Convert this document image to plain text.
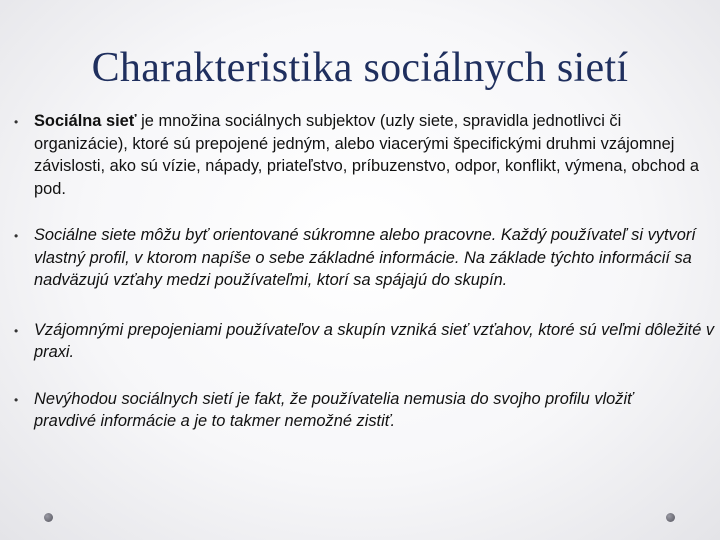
Charakteristika sociálnych sietí
• Sociálna sieť je množina sociálnych subjektov (uzly siete, spravidla jednotlivci či organizácie), ktoré sú prepojené jedným, alebo viacerými špecifickými druhmi vzájomnej závislosti, ako sú vízie, nápady, priateľstvo, príbuzenstvo, odpor, konflikt, výmena, obchod a pod.
• Sociálne siete môžu byť orientované súkromne alebo pracovne. Každý používateľ si vytvorí vlastný profil, v ktorom napíše o sebe základné informácie. Na základe týchto informácií sa nadväzujú vzťahy medzi používateľmi, ktorí sa spájajú do skupín.
• Vzájomnými prepojeniami používateľov a skupín vzniká sieť vzťahov, ktoré sú veľmi dôležité v praxi.
• Nevýhodou sociálnych sietí je fakt, že používatelia nemusia do svojho profilu vložiť
pravdivé informácie a je to takmer nemožné zistiť.
